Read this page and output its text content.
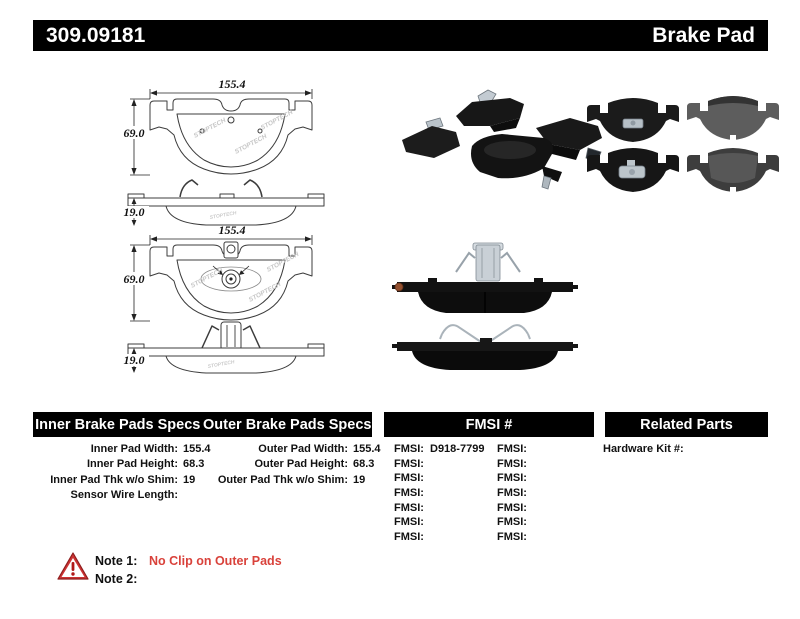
309.09181	Brake Pad
155.4
69.0	STOPTECH
STOPTECH
STOPTECH
STOPTECH
19.0
155.4
69.0	STOPTECH
STOPTECH
STOPTECH
STOPTECH
19.0
Inner Brake Pads Specs Outer Brake Pads Specs	FMSI #	Related Parts
Inner Pad Width: 155.4
Inner Pad Height: 68.3
Inner Pad Thk w/o Shim: 19
Sensor Wire Length:
Outer Pad Width: 155.4
Outer Pad Height: 68.3
Outer Pad Thk w/o Shim: 19
FMSI: D918-7799
FMSI:
FMSI:
FMSI:
FMSI:
FMSI:
FMSI:
FMSI:
FMSI:
FMSI:
FMSI:
FMSI:
FMSI:
FMSI:
Hardware Kit #:
Note 1: No Clip on Outer Pads
Note 2:
